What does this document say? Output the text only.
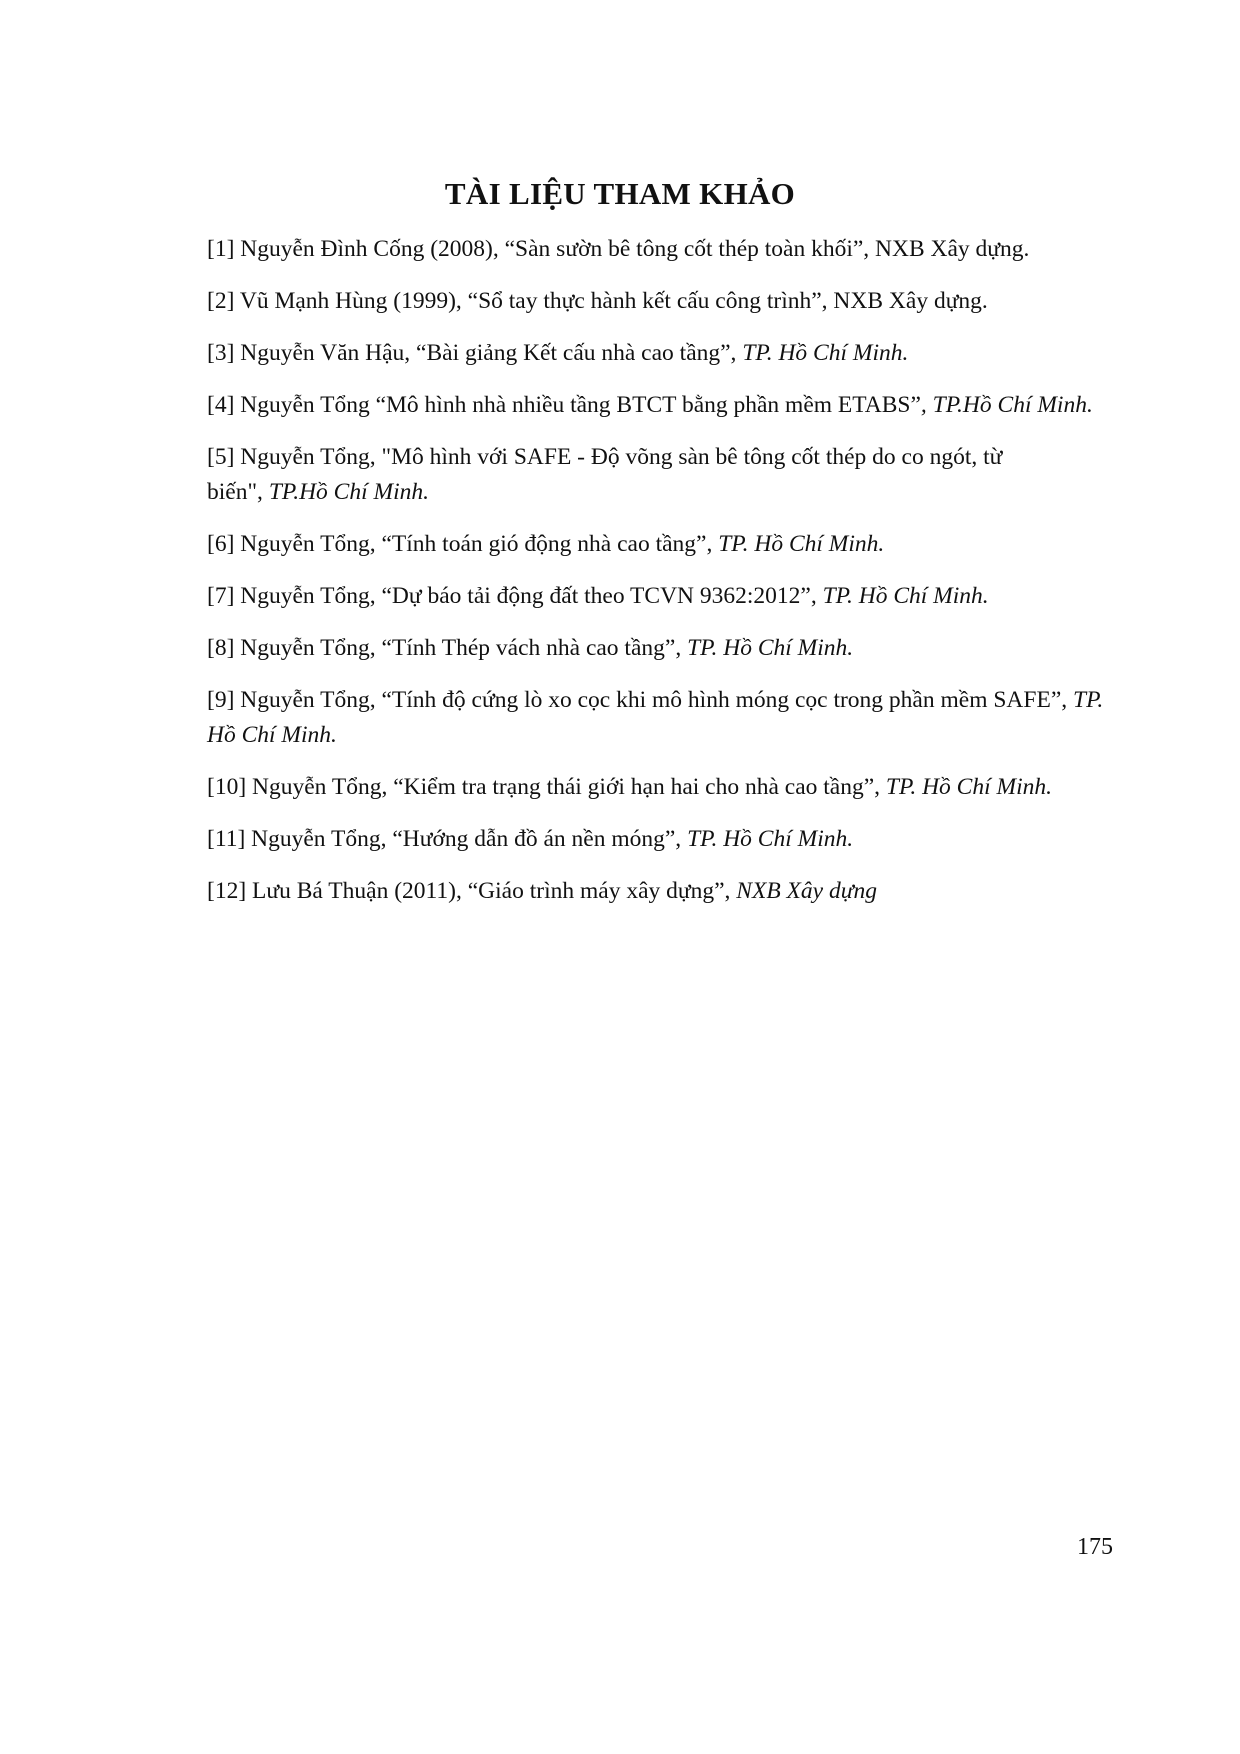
TÀI LIỆU THAM KHẢO

[1] Nguyễn Đình Cống (2008), “Sàn sườn bê tông cốt thép toàn khối”, NXB Xây dựng.

[2] Vũ Mạnh Hùng (1999), “Sổ tay thực hành kết cấu công trình”, NXB Xây dựng.

[3] Nguyễn Văn Hậu, “Bài giảng Kết cấu nhà cao tầng”, TP. Hồ Chí Minh.

[4] Nguyễn Tổng “Mô hình nhà nhiều tầng BTCT bằng phần mềm ETABS”, TP.Hồ Chí Minh.

[5] Nguyễn Tổng, "Mô hình với SAFE - Độ võng sàn bê tông cốt thép do co ngót, từ
biến", TP.Hồ Chí Minh.

[6] Nguyễn Tổng, “Tính toán gió động nhà cao tầng”, TP. Hồ Chí Minh.

[7] Nguyễn Tổng, “Dự báo tải động đất theo TCVN 9362:2012”, TP. Hồ Chí Minh.

[8] Nguyễn Tổng, “Tính Thép vách nhà cao tầng”, TP. Hồ Chí Minh.

[9] Nguyễn Tổng, “Tính độ cứng lò xo cọc khi mô hình móng cọc trong phần mềm SAFE”, TP. Hồ Chí Minh.

[10] Nguyễn Tổng, “Kiểm tra trạng thái giới hạn hai cho nhà cao tầng”, TP. Hồ Chí Minh.

[11] Nguyễn Tổng, “Hướng dẫn đồ án nền móng”, TP. Hồ Chí Minh.

[12] Lưu Bá Thuận (2011), “Giáo trình máy xây dựng”, NXB Xây dựng

175
